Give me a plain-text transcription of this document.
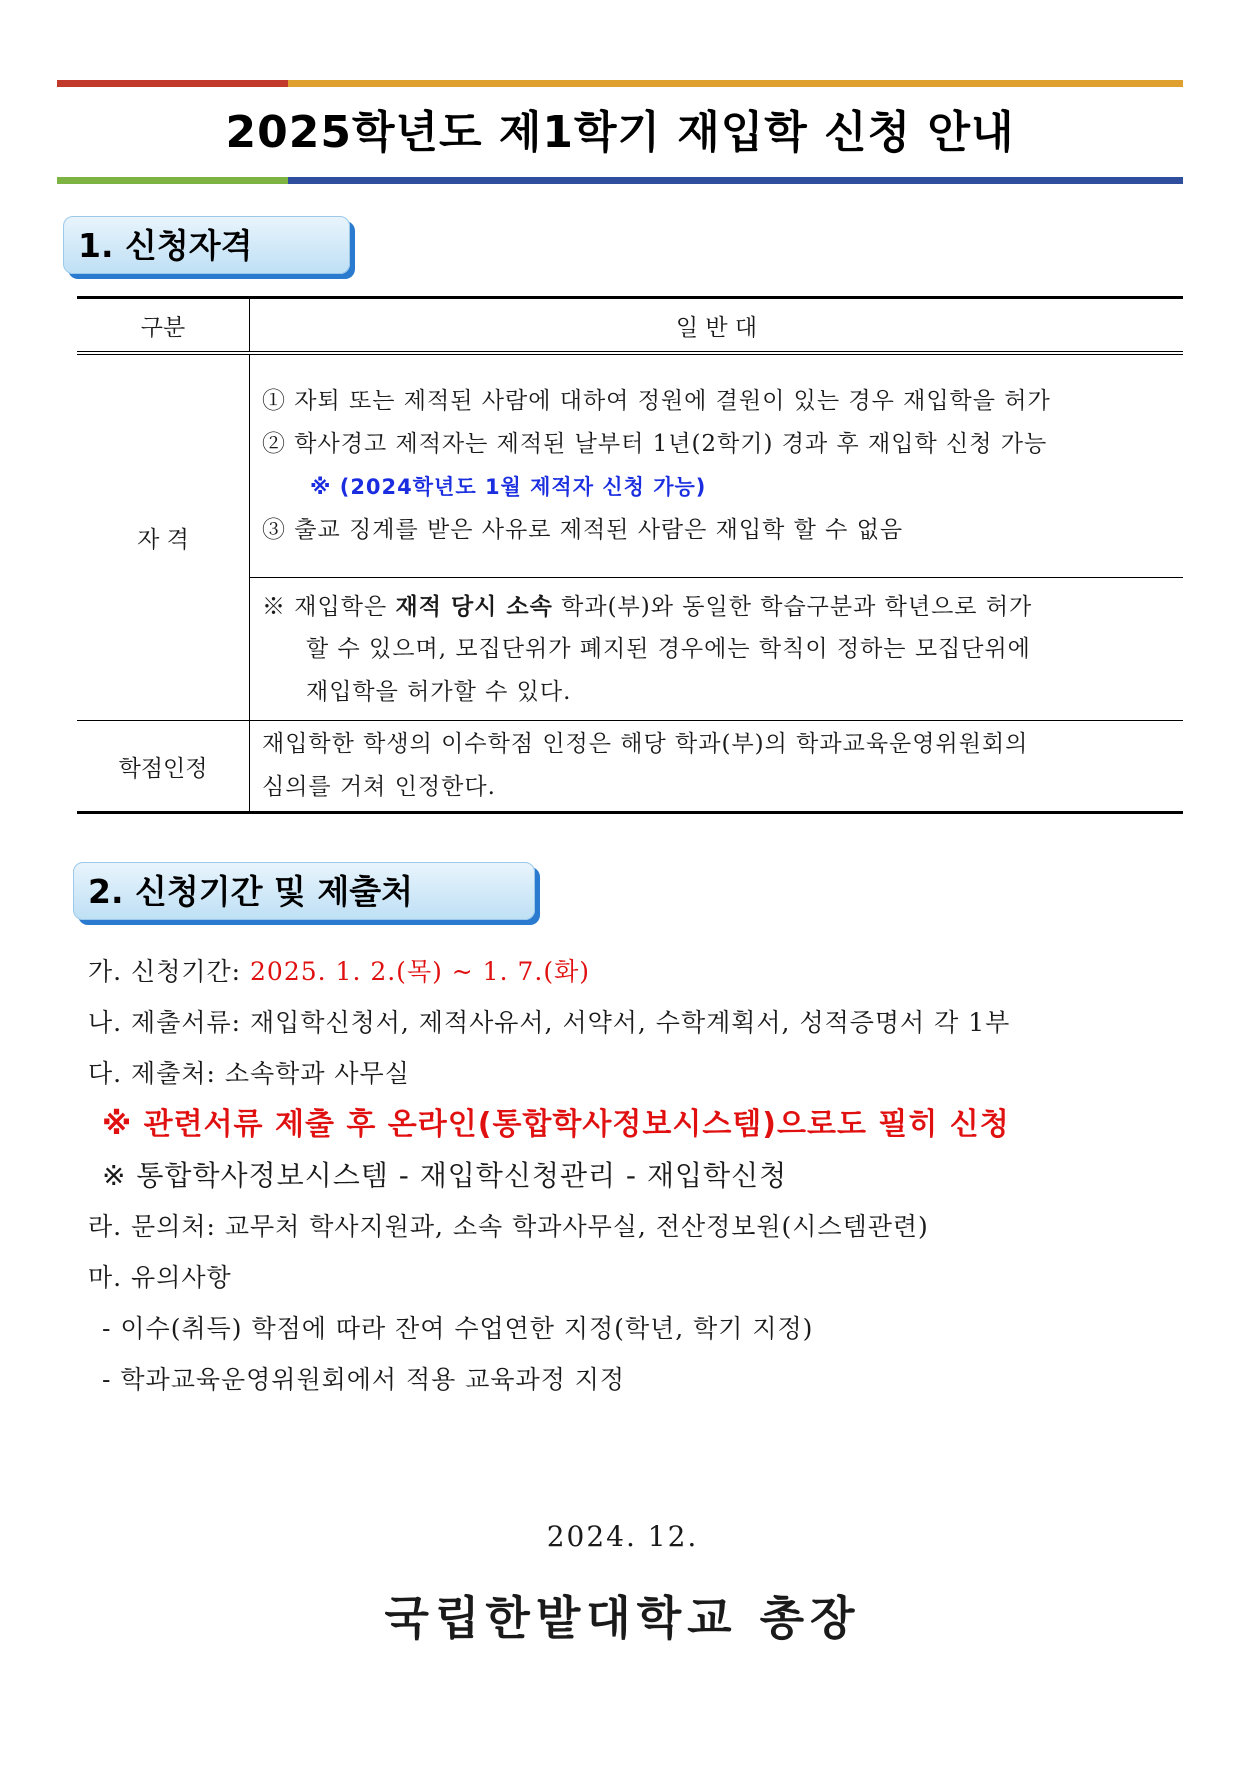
2025학년도 제1학기 재입학 신청 안내
1. 신청자격
구분	일 반 대
자 격	① 자퇴 또는 제적된 사람에 대하여 정원에 결원이 있는 경우 재입학을 허가
② 학사경고 제적자는 제적된 날부터 1년(2학기) 경과 후 재입학 신청 가능
※ (2024학년도 1월 제적자 신청 가능)
③ 출교 징계를 받은 사유로 제적된 사람은 재입학 할 수 없음

	※ 재입학은 재적 당시 소속 학과(부)와 동일한 학습구분과 학년으로 허가
할 수 있으며, 모집단위가 폐지된 경우에는 학칙이 정하는 모집단위에
재입학을 허가할 수 있다.

학점인정	재입학한 학생의 이수학점 인정은 해당 학과(부)의 학과교육운영위원회의
심의를 거쳐 인정한다.
2. 신청기간 및 제출처
가. 신청기간: 2025. 1. 2.(목) ~ 1. 7.(화)
나. 제출서류: 재입학신청서, 제적사유서, 서약서, 수학계획서, 성적증명서 각 1부
다. 제출처: 소속학과 사무실
※ 관련서류 제출 후 온라인(통합학사정보시스템)으로도 필히 신청
※ 통합학사정보시스템 - 재입학신청관리 - 재입학신청
라. 문의처: 교무처 학사지원과, 소속 학과사무실, 전산정보원(시스템관련)
마. 유의사항
- 이수(취득) 학점에 따라 잔여 수업연한 지정(학년, 학기 지정)
- 학과교육운영위원회에서 적용 교육과정 지정
2024. 12.
국립한밭대학교 총장
